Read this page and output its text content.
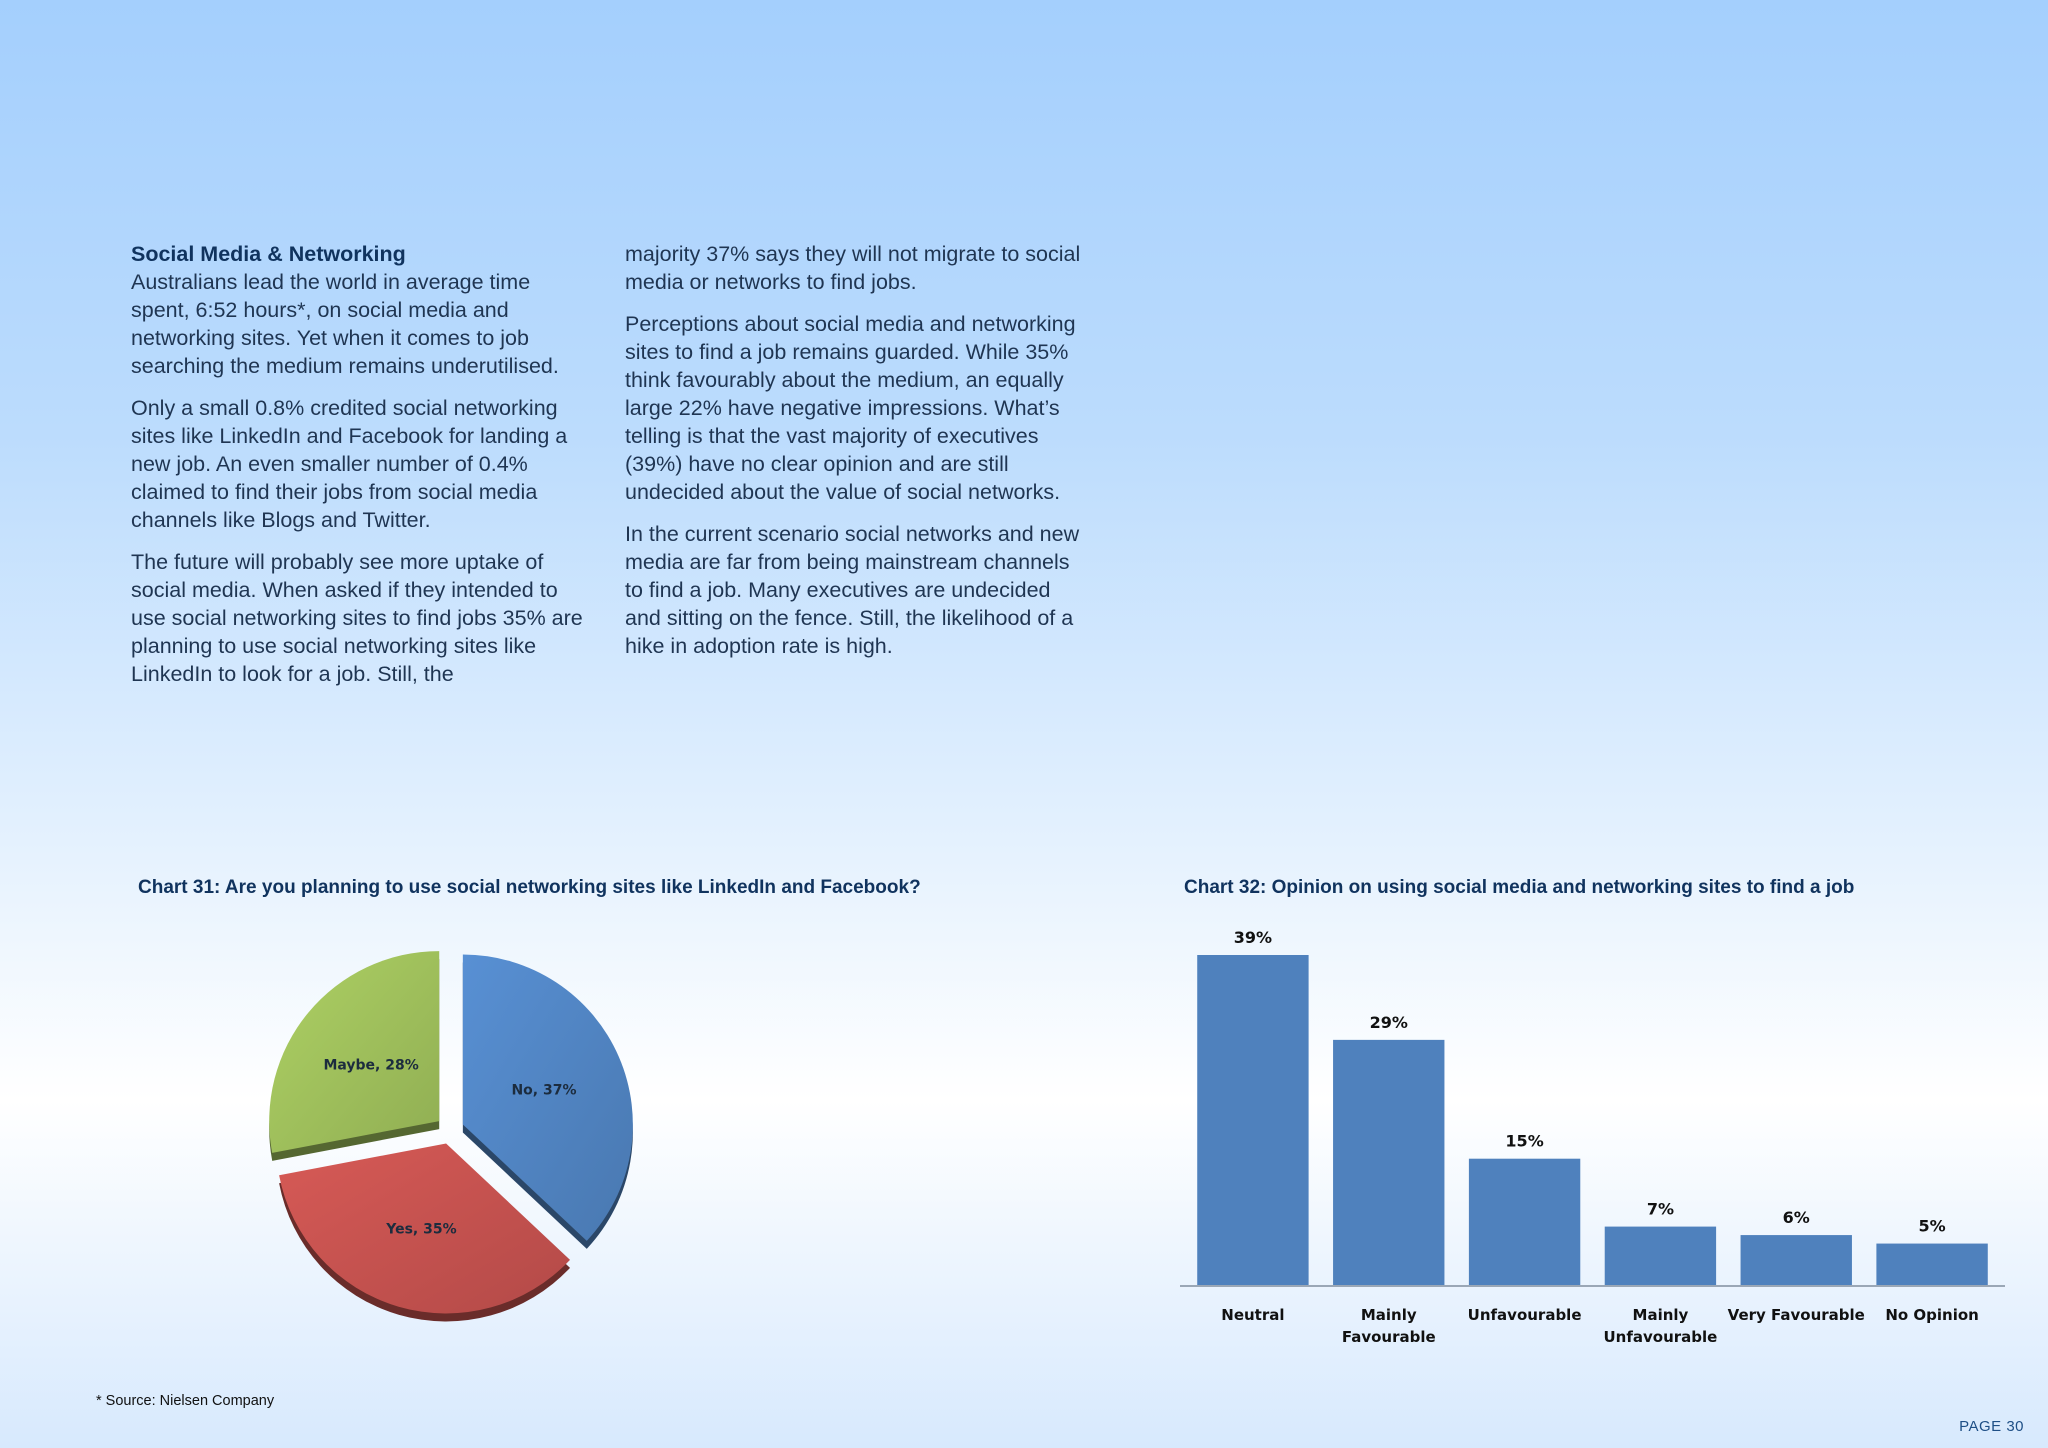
Social Media & Networking

Australians lead the world in average time spent, 6:52 hours*, on social media and networking sites. Yet when it comes to job searching the medium remains underutilised.

Only a small 0.8% credited social networking sites like LinkedIn and Facebook for landing a new job. An even smaller number of 0.4% claimed to find their jobs from social media channels like Blogs and Twitter.

The future will probably see more uptake of social media. When asked if they intended to use social networking sites to find jobs 35% are planning to use social networking sites like LinkedIn to look for a job. Still, the

majority 37% says they will not migrate to social media or networks to find jobs.

Perceptions about social media and networking sites to find a job remains guarded. While 35% think favourably about the medium, an equally large 22% have negative impressions. What’s telling is that the vast majority of executives (39%) have no clear opinion and are still undecided about the value of social networks.

In the current scenario social networks and new media are far from being mainstream channels to find a job. Many executives are undecided and sitting on the fence. Still, the likelihood of a hike in adoption rate is high.

Chart 31: Are you planning to use social networking sites like LinkedIn and Facebook?
No, 37%
Yes, 35%
Maybe, 28%
Chart 32: Opinion on using social media and networking sites to find a job
39%
Neutral
29%
Mainly
Favourable
15%
Unfavourable
7%
Mainly
Unfavourable
6%
Very Favourable
5%
No Opinion
* Source: Nielsen Company
PAGE 30
